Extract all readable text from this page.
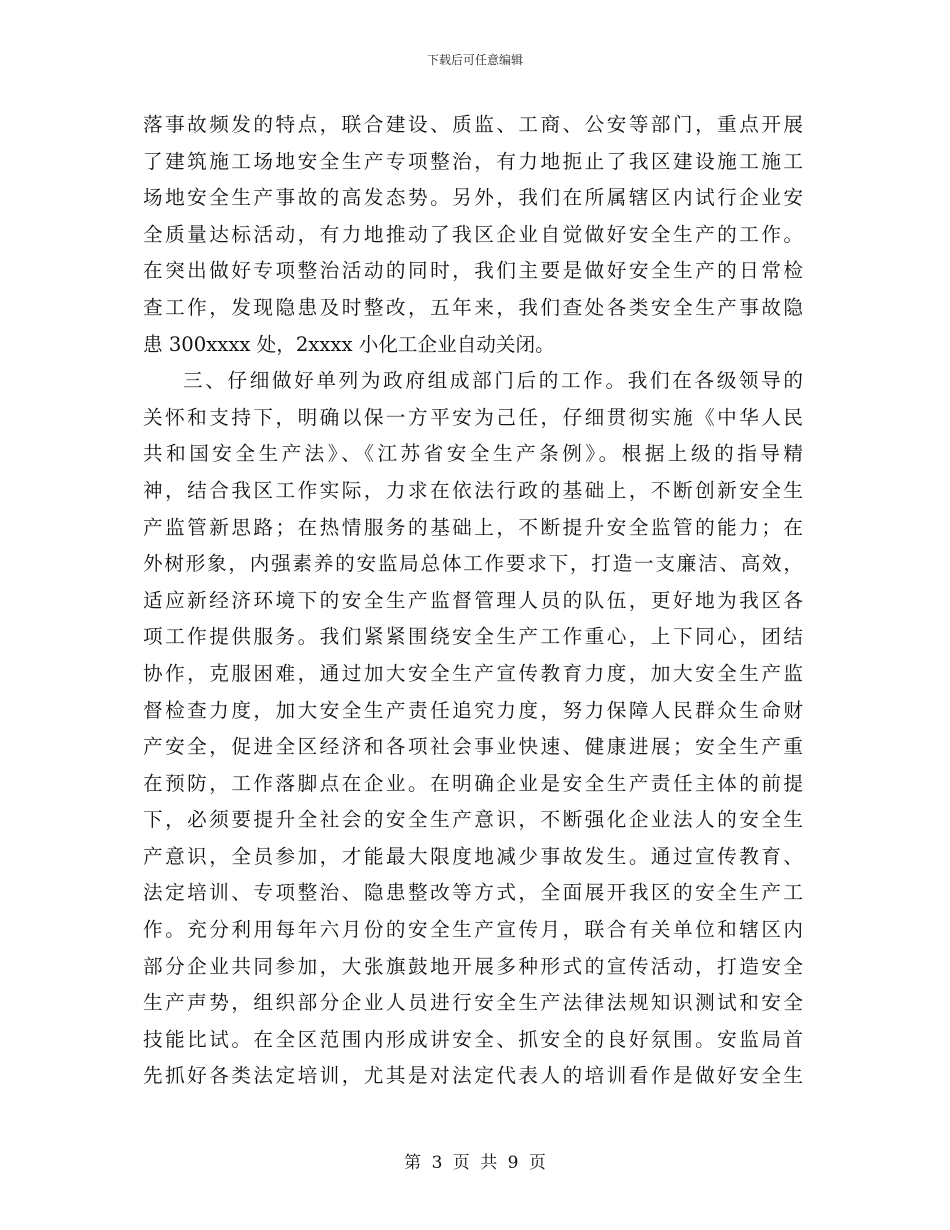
下载后可任意编辑
落事故频发的特点，联合建设、质监、工商、公安等部门，重点开展
了建筑施工场地安全生产专项整治，有力地扼止了我区建设施工施工
场地安全生产事故的高发态势。另外，我们在所属辖区内试行企业安
全质量达标活动，有力地推动了我区企业自觉做好安全生产的工作。
在突出做好专项整治活动的同时，我们主要是做好安全生产的日常检
查工作，发现隐患及时整改，五年来，我们查处各类安全生产事故隐
患 300xxxx 处，2xxxx 小化工企业自动关闭。
三、仔细做好单列为政府组成部门后的工作。我们在各级领导的
关怀和支持下，明确以保一方平安为己任，仔细贯彻实施《中华人民
共和国安全生产法》、《江苏省安全生产条例》。根据上级的指导精
神，结合我区工作实际，力求在依法行政的基础上，不断创新安全生
产监管新思路；在热情服务的基础上，不断提升安全监管的能力；在
外树形象，内强素养的安监局总体工作要求下，打造一支廉洁、高效，
适应新经济环境下的安全生产监督管理人员的队伍，更好地为我区各
项工作提供服务。我们紧紧围绕安全生产工作重心，上下同心，团结
协作，克服困难，通过加大安全生产宣传教育力度，加大安全生产监
督检查力度，加大安全生产责任追究力度，努力保障人民群众生命财
产安全，促进全区经济和各项社会事业快速、健康进展；安全生产重
在预防，工作落脚点在企业。在明确企业是安全生产责任主体的前提
下，必须要提升全社会的安全生产意识，不断强化企业法人的安全生
产意识，全员参加，才能最大限度地减少事故发生。通过宣传教育、
法定培训、专项整治、隐患整改等方式，全面展开我区的安全生产工
作。充分利用每年六月份的安全生产宣传月，联合有关单位和辖区内
部分企业共同参加，大张旗鼓地开展多种形式的宣传活动，打造安全
生产声势，组织部分企业人员进行安全生产法律法规知识测试和安全
技能比试。在全区范围内形成讲安全、抓安全的良好氛围。安监局首
先抓好各类法定培训，尤其是对法定代表人的培训看作是做好安全生
第 3 页 共 9 页
